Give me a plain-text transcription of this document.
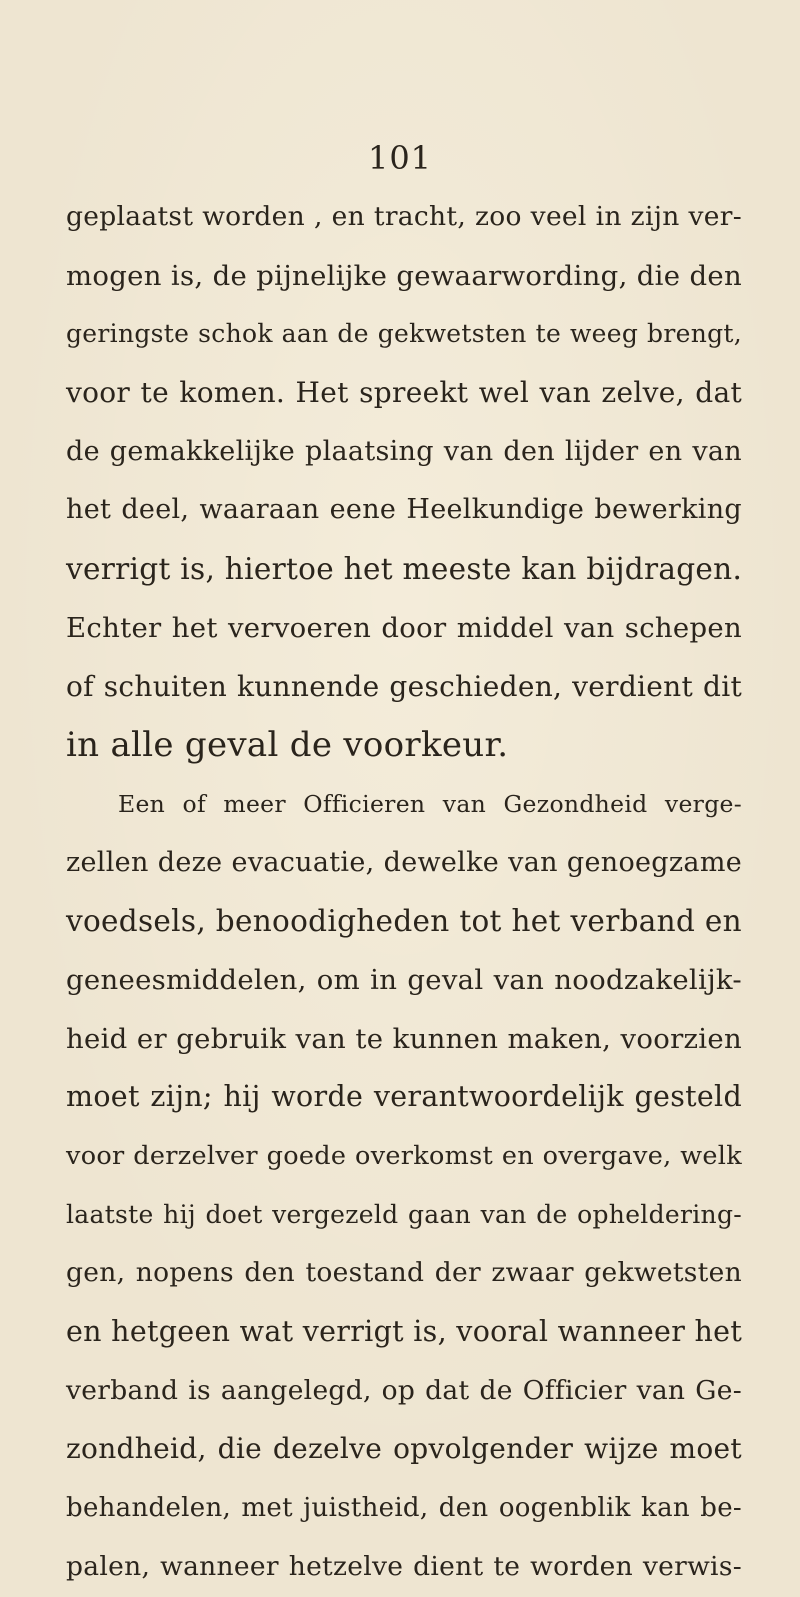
101
geplaatst worden , en tracht, zoo veel in zijn ver-
mogen is, de pijnelijke gewaarwording, die den
geringste schok aan de gekwetsten te weeg brengt,
voor te komen. Het spreekt wel van zelve, dat
de gemakkelijke plaatsing van den lijder en van
het deel, waaraan eene Heelkundige bewerking
verrigt is, hiertoe het meeste kan bijdragen.
Echter het vervoeren door middel van schepen
of schuiten kunnende geschieden, verdient dit
in alle geval de voorkeur.
Een of meer Officieren van Gezondheid verge-
zellen deze evacuatie, dewelke van genoegzame
voedsels, benoodigheden tot het verband en
geneesmiddelen, om in geval van noodzakelijk-
heid er gebruik van te kunnen maken, voorzien
moet zijn; hij worde verantwoordelijk gesteld
voor derzelver goede overkomst en overgave, welk
laatste hij doet vergezeld gaan van de opheldering-
gen, nopens den toestand der zwaar gekwetsten
en hetgeen wat verrigt is, vooral wanneer het
verband is aangelegd, op dat de Officier van Ge-
zondheid, die dezelve opvolgender wijze moet
behandelen, met juistheid, den oogenblik kan be-
palen, wanneer hetzelve dient te worden verwis-
